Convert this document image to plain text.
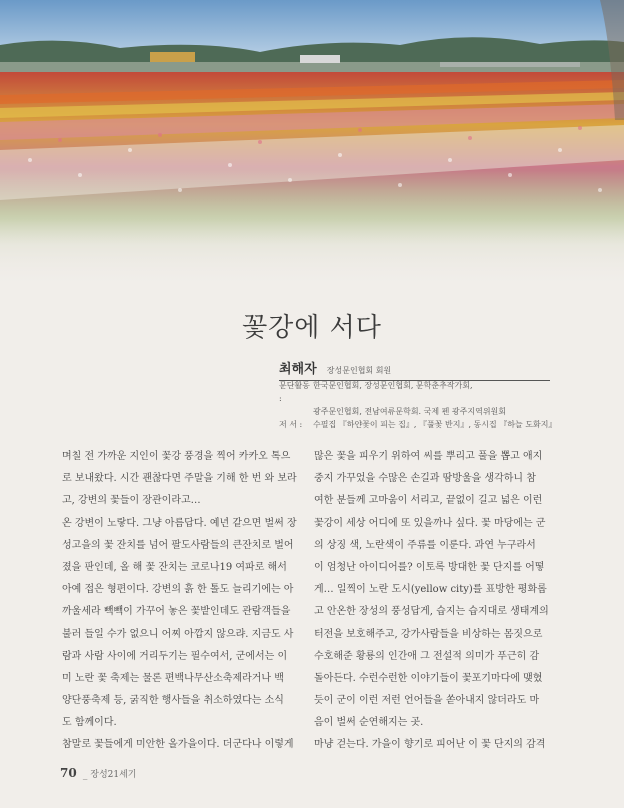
꽃강에 서다
최해자 장성문인협회 회원
문단활동 :
한국문인협회, 장성문인협회, 문학춘추작가회,
광주문인협회, 전남여류문학회. 국제 펜 광주지역위원회
저 서 :	수필집 『하얀꽃이 피는 집』, 『풀꽃 반지』, 동시집 『하늘 도화지』
며칠 전 가까운 지인이 꽃강 풍경을 찍어 카카오 톡으
로 보내왔다. 시간 괜찮다면 주말을 기해 한 번 와 보라
고, 강변의 꽃들이 장관이라고…
온 강변이 노랗다. 그냥 아름답다. 예년 같으면 벌써 장
성고을의 꽃 잔치를 넘어 팔도사람들의 큰잔치로 벌어
졌을 판인데, 올 해 꽃 잔치는 코로나19 여파로 해서
아예 접은 형편이다. 강변의 흙 한 톨도 늘리기에는 아
까울세라 빽빽이 가꾸어 놓은 꽃밭인데도 관람객들을
불러 들일 수가 없으니 어찌 아깝지 않으랴. 지금도 사
람과 사람 사이에 거리두기는 필수여서, 군에서는 이
미 노란 꽃 축제는 물론 편백나무산소축제라거나 백
양단풍축제 등, 굵직한 행사들을 취소하였다는 소식
도 함께이다.
참말로 꽃들에게 미안한 올가을이다. 더군다나 이렇게
많은 꽃을 피우기 위하여 씨를 뿌리고 풀을 뽑고 애지
중지 가꾸었을 수많은 손길과 땀방울을 생각하니 참
여한 분들께 고마움이 서리고, 끝없이 길고 넓은 이런
꽃강이 세상 어디에 또 있을까나 싶다. 꽃 마당에는 군
의 상징 색, 노란색이 주류를 이룬다. 과연 누구라서
이 엄청난 아이디어를? 이토록 방대한 꽃 단지를 어떻
게… 일찍이 노란 도시(yellow city)를 표방한 평화롭
고 안온한 장성의 풍성답게, 습지는 습지대로 생태계의
터전을 보호해주고, 강가사람들을 비상하는 몸짓으로
수호해준 황룡의 인간애 그 전설적 의미가 푸근히 감
돌아든다. 수런수런한 이야기들이 꽃포기마다에 맺혔
듯이 군이 이런 저런 언어들을 쏟아내지 않더라도 마
음이 벌써 순연해지는 곳.
마냥 걷는다. 가을이 향기로 피어난 이 꽃 단지의 감격
70 _ 장성21세기
